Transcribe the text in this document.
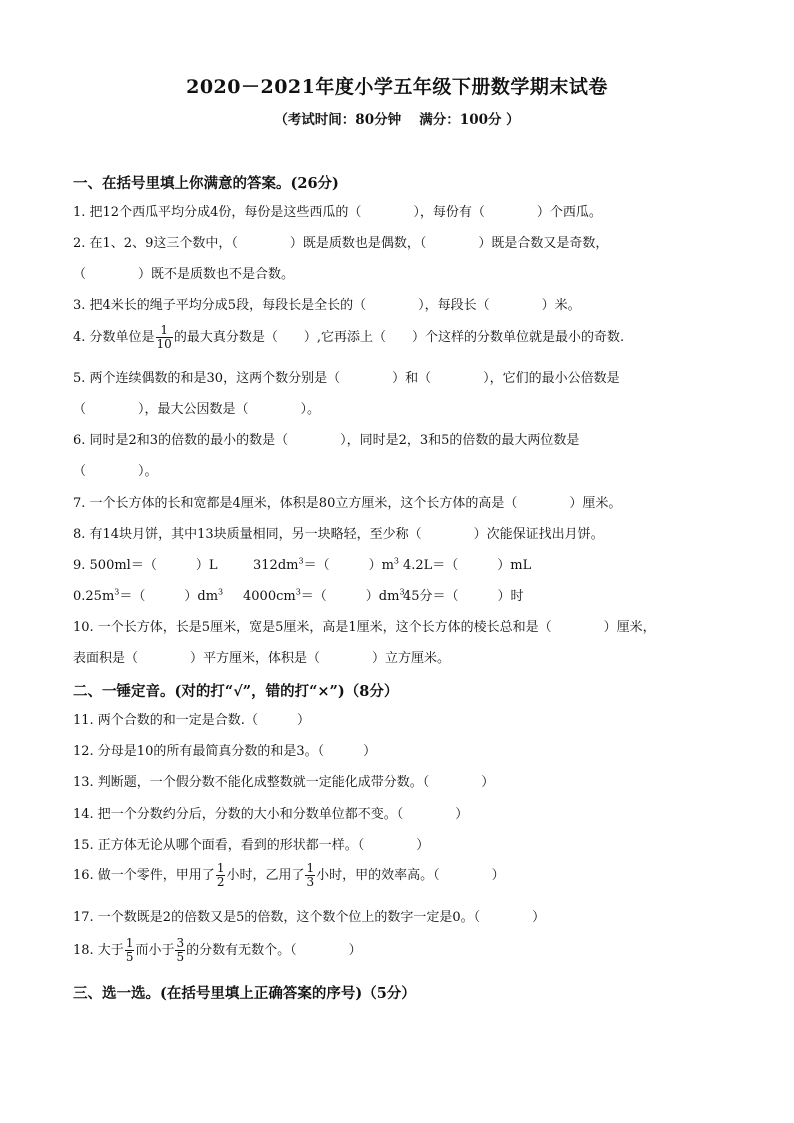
2020－2021年度小学五年级下册数学期末试卷
（考试时间：80分钟　 满分：100分 ）
一、在括号里填上你满意的答案。(26分)
1. 把12个西瓜平均分成4份，每份是这些西瓜的（　　　　），每份有（　　　　）个西瓜。
2. 在1、2、9这三个数中，（　　　　）既是质数也是偶数，（　　　　）既是合数又是奇数，
（　　　　）既不是质数也不是合数。
3. 把4米长的绳子平均分成5段，每段长是全长的（　　　　），每段长（　　　　）米。
4. 分数单位是 $\frac{1}{10}$ 的最大真分数是（　　）,它再添上（　　）个这样的分数单位就是最小的奇数.
5. 两个连续偶数的和是30，这两个数分别是（　　　　）和（　　　　），它们的最小公倍数是
（　　　　），最大公因数是（　　　　）。
6. 同时是2和3的倍数的最小的数是（　　　　），同时是2，3和5的倍数的最大两位数是
（　　　　）。
7. 一个长方体的长和宽都是4厘米，体积是80立方厘米，这个长方体的高是（　　　　）厘米。
8. 有14块月饼，其中13块质量相同，另一块略轻，至少称（　　　　）次能保证找出月饼。
9. 500ml＝（　　　）L	$312dm^3=$（　　　）$m^3$ 4.2L＝（　　　）mL
$0.25m^3=$（　　　）$dm^3$ $4000cm^3=$（　　　）$dm^345$分＝（　　　）时
10. 一个长方体，长是5厘米，宽是5厘米，高是1厘米，这个长方体的棱长总和是（　　　　）厘米，
表面积是（　　　　）平方厘米，体积是（　　　　）立方厘米。
二、一锤定音。(对的打“√”，错的打“×”)（8分）
11. 两个合数的和一定是合数.（　　　）
12. 分母是10的所有最简真分数的和是3。（　　　）
13. 判断题，一个假分数不能化成整数就一定能化成带分数。（　　　　）
14. 把一个分数约分后，分数的大小和分数单位都不变。（　　　　）
15. 正方体无论从哪个面看，看到的形状都一样。（　　　　）
16. 做一个零件，甲用了 $\frac{1}{2}$ 小时，乙用了 $\frac{1}{3}$ 小时，甲的效率高。（　　　　）
17. 一个数既是2的倍数又是5的倍数，这个数个位上的数字一定是0。（　　　　）
18. 大于 $\frac{1}{5}$ 而小于 $\frac{3}{5}$ 的分数有无数个。（　　　　）
三、选一选。(在括号里填上正确答案的序号)（5分）
